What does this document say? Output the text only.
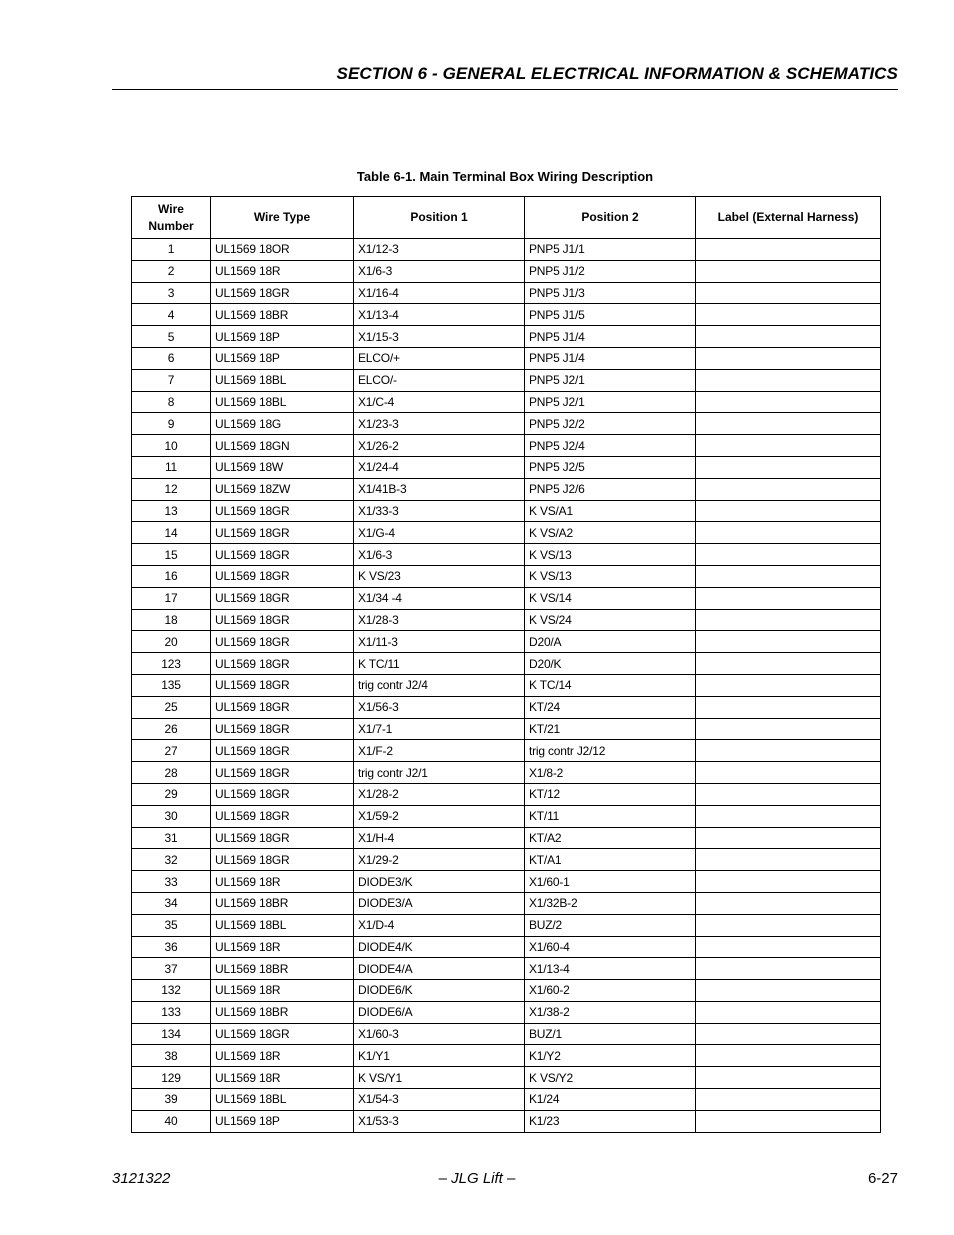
SECTION 6 - GENERAL ELECTRICAL INFORMATION & SCHEMATICS
Table 6-1. Main Terminal Box Wiring Description
Wire Number	Wire Type	Position 1	Position 2	Label (External Harness)
1	UL1569 18OR	X1/12-3	PNP5 J1/1	
2	UL1569 18R	X1/6-3	PNP5 J1/2	
3	UL1569 18GR	X1/16-4	PNP5 J1/3	
4	UL1569 18BR	X1/13-4	PNP5 J1/5	
5	UL1569 18P	X1/15-3	PNP5 J1/4	
6	UL1569 18P	ELCO/+	PNP5 J1/4	
7	UL1569 18BL	ELCO/-	PNP5 J2/1	
8	UL1569 18BL	X1/C-4	PNP5 J2/1	
9	UL1569 18G	X1/23-3	PNP5 J2/2	
10	UL1569 18GN	X1/26-2	PNP5 J2/4	
11	UL1569 18W	X1/24-4	PNP5 J2/5	
12	UL1569 18ZW	X1/41B-3	PNP5 J2/6	
13	UL1569 18GR	X1/33-3	K VS/A1	
14	UL1569 18GR	X1/G-4	K VS/A2	
15	UL1569 18GR	X1/6-3	K VS/13	
16	UL1569 18GR	K VS/23	K VS/13	
17	UL1569 18GR	X1/34 -4	K VS/14	
18	UL1569 18GR	X1/28-3	K VS/24	
20	UL1569 18GR	X1/11-3	D20/A	
123	UL1569 18GR	K TC/11	D20/K	
135	UL1569 18GR	trig contr J2/4	K TC/14	
25	UL1569 18GR	X1/56-3	KT/24	
26	UL1569 18GR	X1/7-1	KT/21	
27	UL1569 18GR	X1/F-2	trig contr J2/12	
28	UL1569 18GR	trig contr J2/1	X1/8-2	
29	UL1569 18GR	X1/28-2	KT/12	
30	UL1569 18GR	X1/59-2	KT/11	
31	UL1569 18GR	X1/H-4	KT/A2	
32	UL1569 18GR	X1/29-2	KT/A1	
33	UL1569 18R	DIODE3/K	X1/60-1	
34	UL1569 18BR	DIODE3/A	X1/32B-2	
35	UL1569 18BL	X1/D-4	BUZ/2	
36	UL1569 18R	DIODE4/K	X1/60-4	
37	UL1569 18BR	DIODE4/A	X1/13-4	
132	UL1569 18R	DIODE6/K	X1/60-2	
133	UL1569 18BR	DIODE6/A	X1/38-2	
134	UL1569 18GR	X1/60-3	BUZ/1	
38	UL1569 18R	K1/Y1	K1/Y2	
129	UL1569 18R	K VS/Y1	K VS/Y2	
39	UL1569 18BL	X1/54-3	K1/24	
40	UL1569 18P	X1/53-3	K1/23	
3121322	– JLG Lift –	6-27
